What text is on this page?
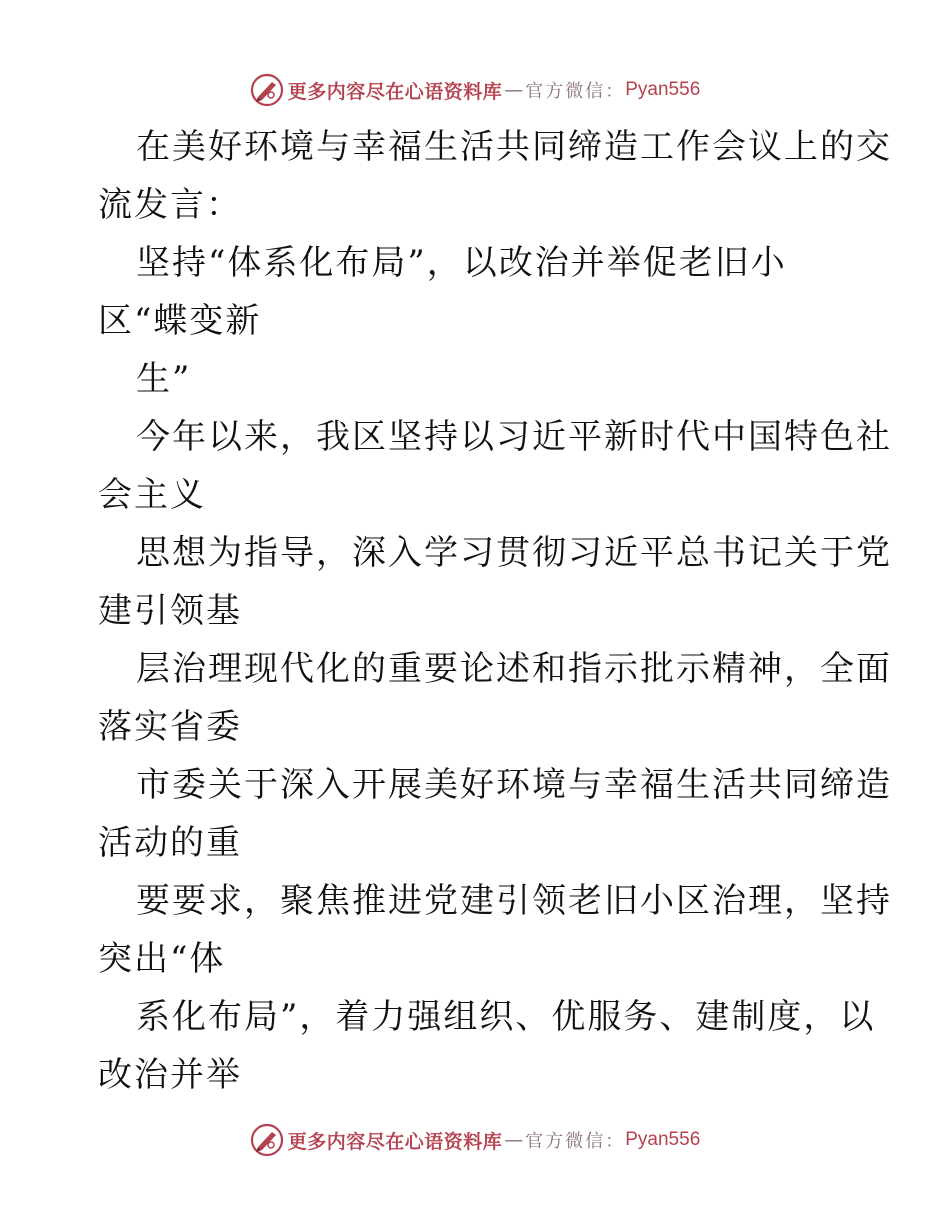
更多内容尽在心语资料库 — 官方微信： Pyan556
在美好环境与幸福生活共同缔造工作会议上的交
流发言：
坚持“体系化布局”，以改治并举促老旧小
区“蝶变新
生”
今年以来，我区坚持以习近平新时代中国特色社
会主义
思想为指导，深入学习贯彻习近平总书记关于党
建引领基
层治理现代化的重要论述和指示批示精神，全面
落实省委
市委关于深入开展美好环境与幸福生活共同缔造
活动的重
要要求，聚焦推进党建引领老旧小区治理，坚持
突出“体
系化布局”，着力强组织、优服务、建制度，以
改治并举
更多内容尽在心语资料库 — 官方微信： Pyan556
